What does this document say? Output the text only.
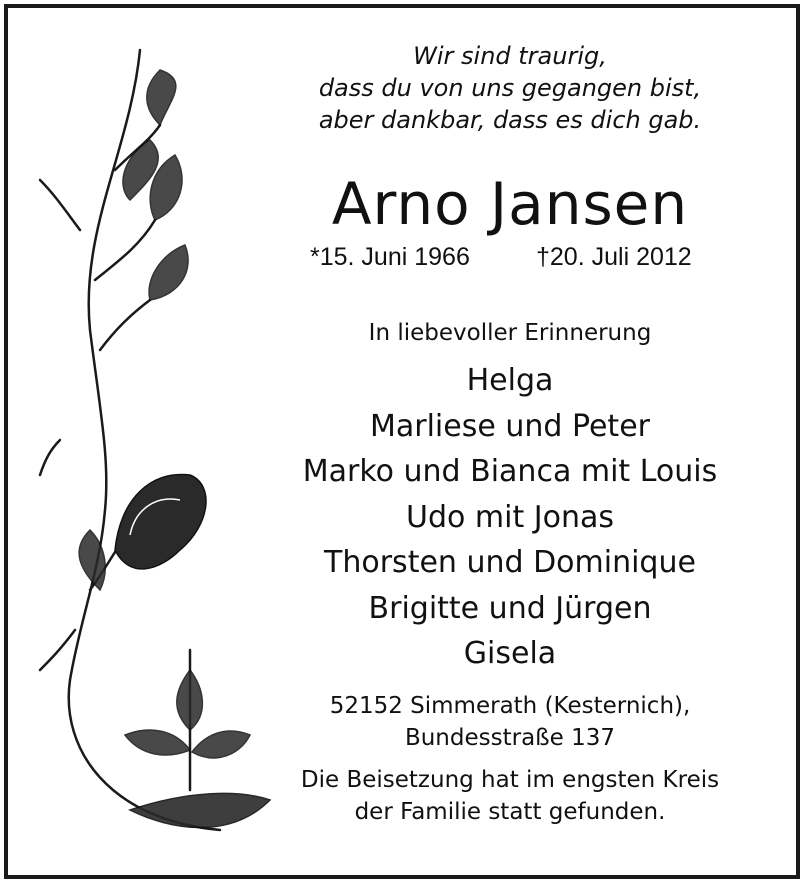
Wir sind traurig,
dass du von uns gegangen bist,
aber dankbar, dass es dich gab.
Arno Jansen
*15. Juni 1966	†20. Juli 2012
In liebevoller Erinnerung
Helga
Marliese und Peter
Marko und Bianca mit Louis
Udo mit Jonas
Thorsten und Dominique
Brigitte und Jürgen
Gisela
52152 Simmerath (Kesternich),
Bundesstraße 137
Die Beisetzung hat im engsten Kreis
der Familie statt gefunden.
